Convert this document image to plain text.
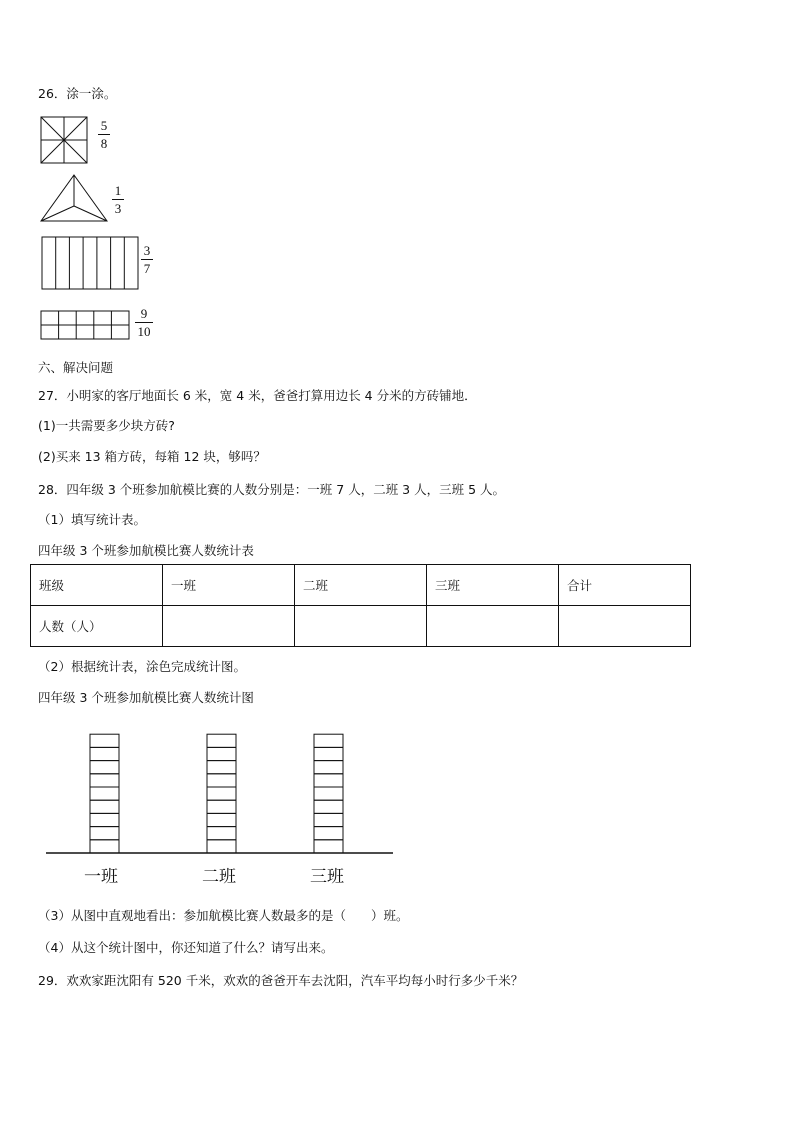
26．涂一涂。
5
8
1
3
3
7
9
10
六、解决问题
27．小明家的客厅地面长 6 米，宽 4 米，爸爸打算用边长 4 分米的方砖铺地．
(1)一共需要多少块方砖?
(2)买来 13 箱方砖，每箱 12 块，够吗？
28．四年级 3 个班参加航模比赛的人数分别是：一班 7 人，二班 3 人，三班 5 人。
（1）填写统计表。
四年级 3 个班参加航模比赛人数统计表
班级	一班	二班	三班	合计
人数（人）				
（2）根据统计表，涂色完成统计图。
四年级 3 个班参加航模比赛人数统计图
一班	二班	三班
（3）从图中直观地看出：参加航模比赛人数最多的是（　　）班。
（4）从这个统计图中，你还知道了什么？请写出来。
29．欢欢家距沈阳有 520 千米，欢欢的爸爸开车去沈阳，汽车平均每小时行多少千米？
